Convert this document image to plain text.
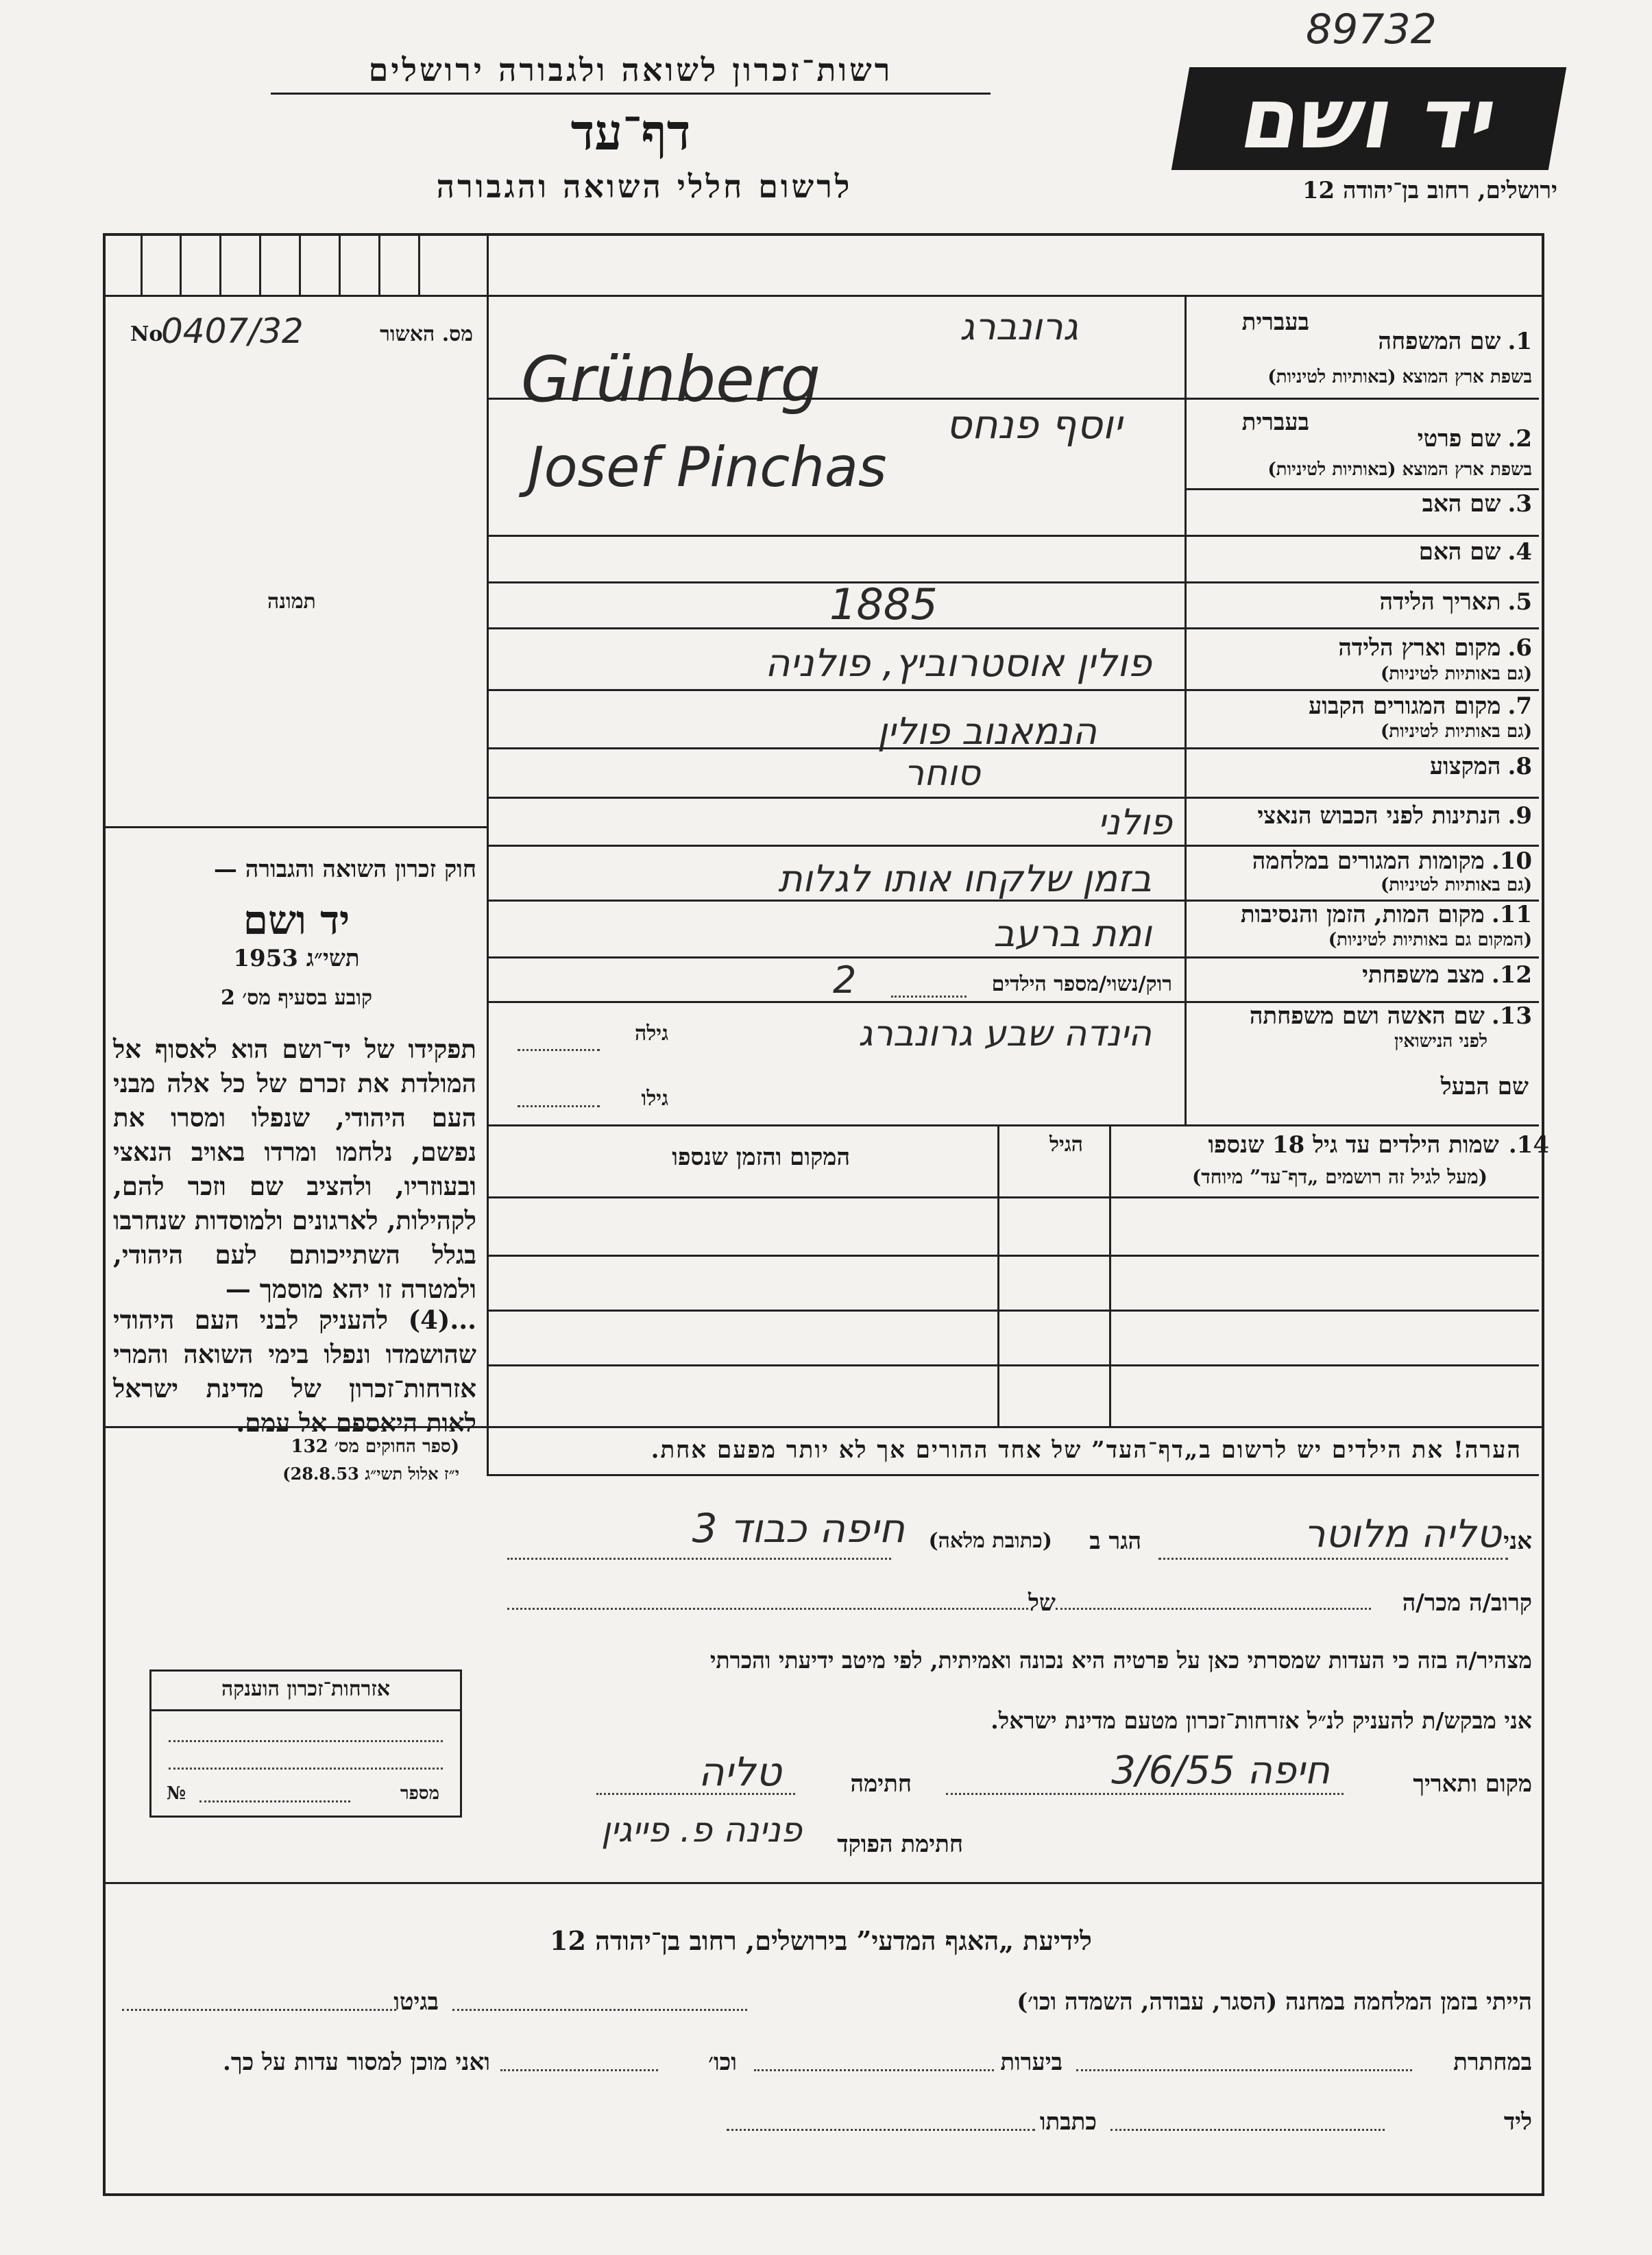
89732
רשות־זכרון לשואה ולגבורה ירושלים
דף־עד
לרשום חללי השואה והגבורה
יד ושם
ירושלים, רחוב בן־יהודה 12
No
0407/32	מס. האשור
תמונה
1.שם המשפחה
בשפת ארץ המוצא (באותיות לטיניות)
בעברית
גרונברג
Grünberg
בעברית
2.שם פרטי
בשפת ארץ המוצא (באותיות לטיניות)
יוסף פנחס
Josef Pinchas
3.שם האב
4.שם האם
5.תאריך הלידה
1885
6.מקום וארץ הלידה
(גם באותיות לטיניות)
פולין אוסטרוביץ, פולניה
7.מקום המגורים הקבוע
(גם באותיות לטיניות)
הנמאנוב פולין
8.המקצוע
סוחר
9.הנתינות לפני הכבוש הנאצי
פולני
10.מקומות המגורים במלחמה
(גם באותיות לטיניות)
בזמן שלקחו אותו לגלות
11.מקום המות, הזמן והנסיבות
(המקום גם באותיות לטיניות)
ומת ברעב
12.מצב משפחתי
רוק/נשוי/מספר הילדים
2
13.שם האשה ושם משפחתה
לפני הנישואין
הינדה שבע גרונברג
גילה
שם הבעל
גילו
14.שמות הילדים עד גיל 18 שנספו
(מעל לגיל זה רושמים „דף־עד” מיוחד)
הגיל
המקום והזמן שנספו
חוק זכרון השואה והגבורה —
יד ושם
תשי״ג 1953
קובע בסעיף מס׳ 2
תפקידו של יד־ושם הוא לאסוף אל המולדת את זכרם של כל אלה מבני העם היהודי, שנפלו ומסרו את נפשם, נלחמו ומרדו באויב הנאצי ובעוזריו, ולהציב שם וזכר להם, לקהילות, לארגונים ולמוסדות שנחרבו בגלל השתייכותם לעם היהודי, ולמטרה זו יהא מוסמך —
...(4) להעניק לבני העם היהודי שהושמדו ונפלו בימי השואה והמרי אזרחות־זכרון של מדינת ישראל לאות היאספם אל עמם.
(ספר החוקים מס׳ 132
י״ז אלול תשי״ג 28.8.53)
הערה! את הילדים יש לרשום ב„דף־העד” של אחד ההורים אך לא יותר מפעם אחת.
אני
טליה מלוטר
הגר ב
(כתובת מלאה)
חיפה כבוד 3
קרוב/ה מכר/ה
של
מצהיר/ה בזה כי העדות שמסרתי כאן על פרטיה היא נכונה ואמיתית, לפי מיטב ידיעתי והכרתי
אני מבקש/ת להעניק לנ״ל אזרחות־זכרון מטעם מדינת ישראל.
מקום ותאריך
חיפה 3/6/55
חתימה
טליה
חתימת הפוקד
פנינה פ. פייגין
אזרחות־זכרון הוענקה
№	מספר
לידיעת „האגף המדעי” בירושלים, רחוב בן־יהודה 12
הייתי בזמן המלחמה במחנה (הסגר, עבודה, השמדה וכו׳)
בגיטו
במחתרת
ביערות
וכו׳
ואני מוכן למסור עדות על כך.
ליד
כתבתו
